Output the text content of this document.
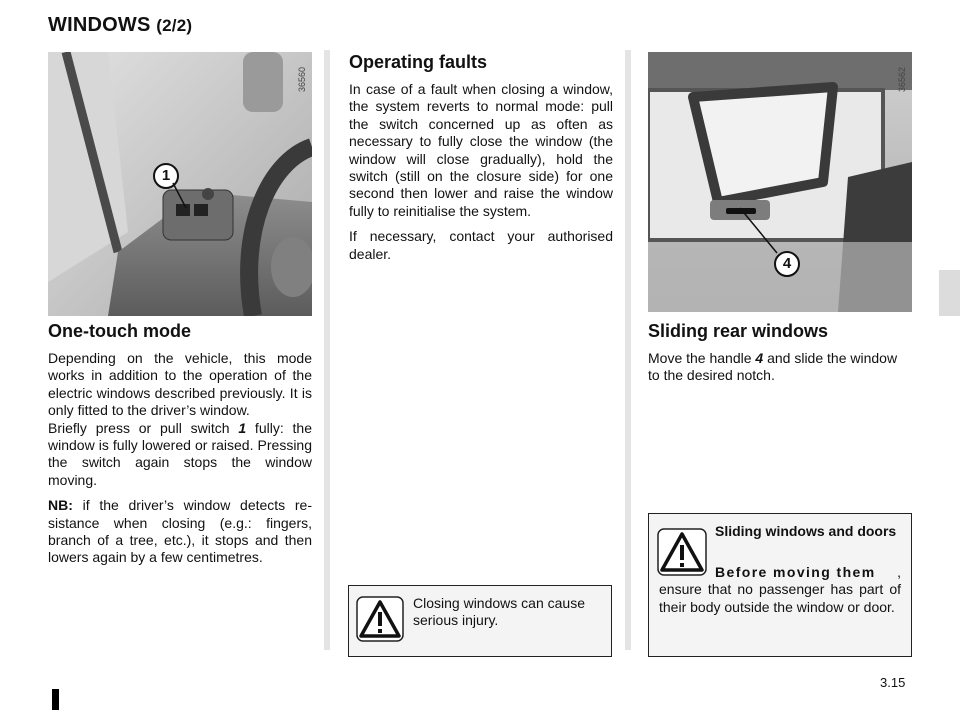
WINDOWS (2/2)
36560
1
One-touch mode

Depending on the vehicle, this mode works in addition to the operation of the electric windows described previously. It is only fitted to the driver’s window.

Briefly press or pull switch 1 fully: the window is fully lowered or raised. Pressing the switch again stops the window moving.

NB: if the driver’s window detects re-sistance when closing (e.g.: fingers, branch of a tree, etc.), it stops and then lowers again by a few centimetres.

Operating faults

In case of a fault when closing a window, the system reverts to normal mode: pull the switch concerned up as often as necessary to fully close the window (the window will close gradually), hold the switch (still on the closure side) for one second then lower and raise the window fully to reinitialise the system.

If necessary, contact your authorised dealer.

Closing windows can cause serious injury.
36562
4
Sliding rear windows
Move the handle 4 and slide the window to the desired notch.
Sliding windows and doors
Before moving them	, ensure that no passenger has part of their body outside the window or door.
3.15
